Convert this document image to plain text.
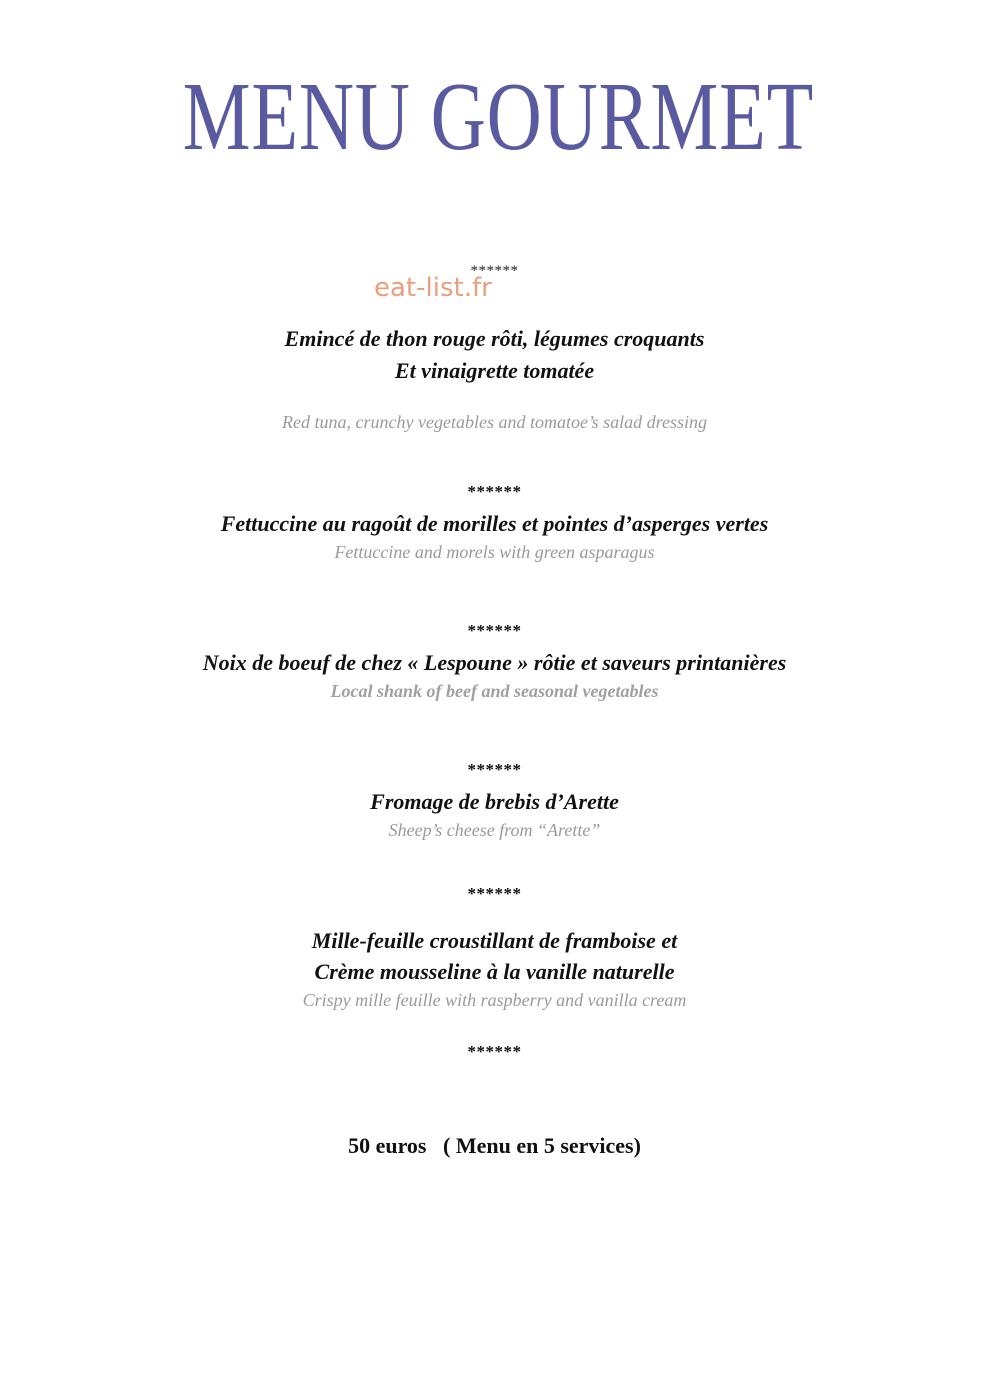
MENU GOURMET
******
eat-list.fr
Emincé de thon rouge rôti, légumes croquants
Et vinaigrette tomatée
Red tuna, crunchy vegetables and tomatoe’s salad dressing
******
Fettuccine au ragoût de morilles et pointes d’asperges vertes
Fettuccine and morels with green asparagus
******
Noix de boeuf de chez « Lespoune » rôtie et saveurs printanières
Local shank of beef and seasonal vegetables
******
Fromage de brebis d’Arette
Sheep’s cheese from “Arette”
******
Mille-feuille croustillant de framboise et
Crème mousseline à la vanille naturelle
Crispy mille feuille with raspberry and vanilla cream
******
50 euros   ( Menu en 5 services)
